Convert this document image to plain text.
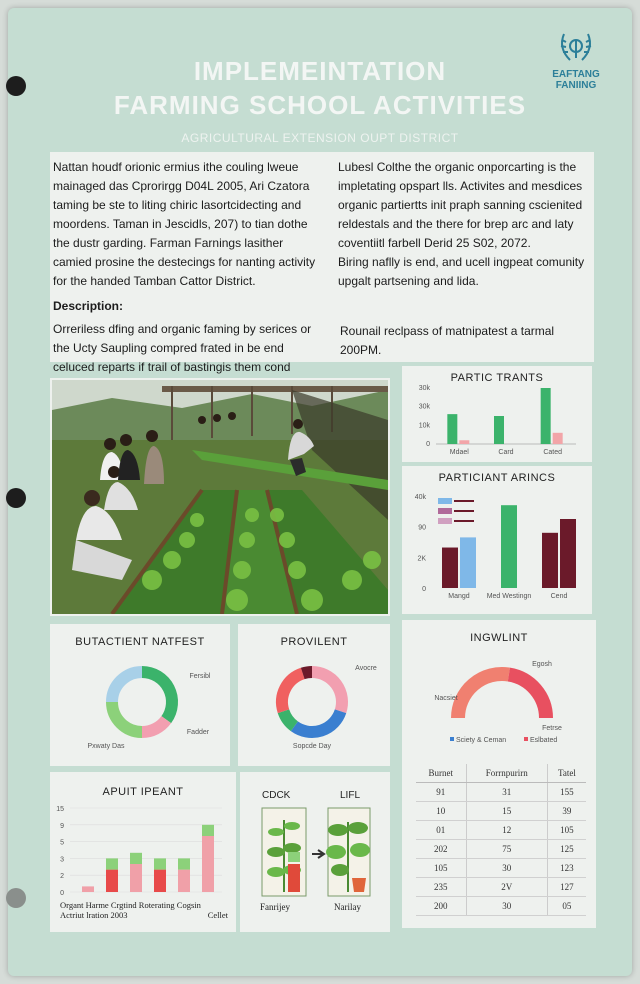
EAFTANG
FANIING
IMPLEMEINTATION
FARMING SCHOOL ACTIVITIES
AGRICULTURAL EXTENSION OUPT DISTRICT

Nattan houdf orionic ermius ithe couling lweue mainaged das Cprorirgg D04L 2005, Ari Czatora taming be ste to liting chiric lasortcidecting and moordens. Taman in Jescidls, 207) to tian dothe the dustr garding. Farman Farnings lasither camied prosine the destecings for nanting activity for the handed Tamban Cattor District.

Description:

Orreriless dfing and organic faming by serices or the Ucty Saupling compred frated in be end celuced reparts if trail of bastingis them cond

Lubesl Colthe the organic onporcarting is the impletating opspart lls. Activites and mesdices organic partiertts init praph sanning cscienited reldestals and the there for brep arc and laty coventiitl farbell Derid 25 S02, 2072.

Biring naflly is end, and ucell ingpeat comunity upgalt partsening and lida.

Rounail reclpass of matnipatest a tarmal 200PM.

PARTIC TRANTS
30k
30k
10k
0
Mdael	Card	Cated
PARTICIANT ARINCS
40k
90
2K
0
Mangd Med Westingn	Cend
BUTACTIENT NATFEST
Fersibl
Fadder
Pxwaty Das
PROVILENT
Avocre
Sopcde Day
INGWLINT
Egosh
Nacsiet
Fetrse
Sciety & Ceman	Eslbated
Burnet	Forrnpurirn	Tatel
91	31	155
10	15	39
01	12	105
202	75	125
105	30	123
235	2V	127
200	30	05
APUIT IPEANT
15
9
5
3
2
0
Organt Harme Crgtind Roterating Cogsin
Actriut lration 2003	Cellet
CDCK	LIFL
Fanrijey	Narilay
